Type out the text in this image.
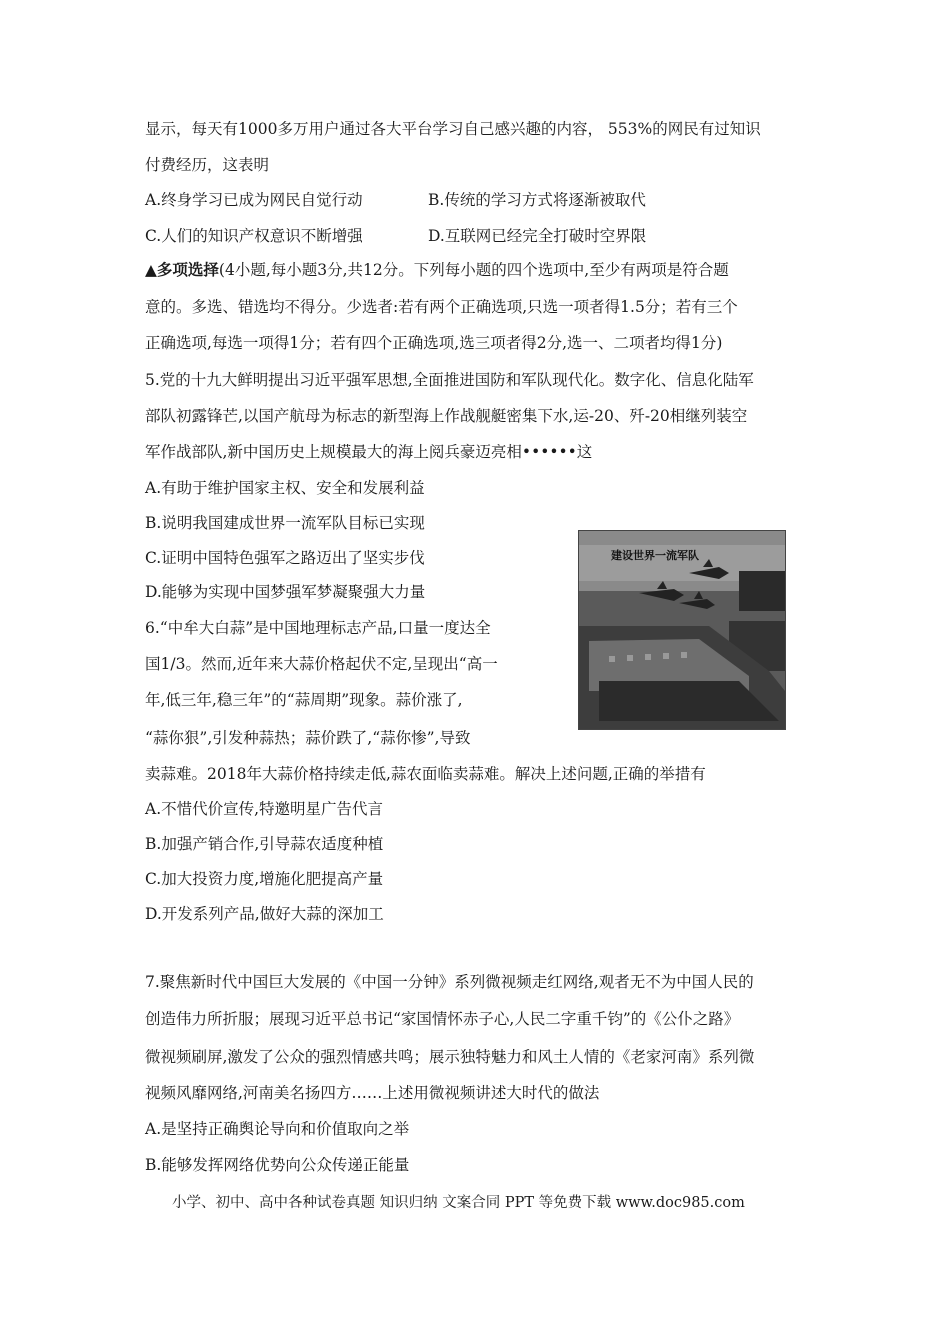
显示，每天有1000多万用户通过各大平台学习自己感兴趣的内容， 553%的网民有过知识
付费经历，这表明
A.终身学习已成为网民自觉行动	B.传统的学习方式将逐渐被取代
C.人们的知识产权意识不断增强	D.互联网已经完全打破时空界限
▲多项选择(4小题,每小题3分,共12分。下列每小题的四个选项中,至少有两项是符合题
意的。多选、错选均不得分。少选者:若有两个正确选项,只选一项者得1.5分；若有三个
正确选项,每选一项得1分；若有四个正确选项,选三项者得2分,选一、二项者均得1分)
5.党的十九大鲜明提出习近平强军思想,全面推进国防和军队现代化。数字化、信息化陆军
部队初露锋芒,以国产航母为标志的新型海上作战舰艇密集下水,运-20、歼-20相继列装空
军作战部队,新中国历史上规模最大的海上阅兵豪迈亮相••••••这
A.有助于维护国家主权、安全和发展利益
B.说明我国建成世界一流军队目标已实现
C.证明中国特色强军之路迈出了坚实步伐
D.能够为实现中国梦强军梦凝聚强大力量
建设世界一流军队
6.“中牟大白蒜”是中国地理标志产品,口量一度达全
国1/3。然而,近年来大蒜价格起伏不定,呈现出“高一
年,低三年,稳三年”的“蒜周期”现象。蒜价涨了,
“蒜你狠”,引发种蒜热；蒜价跌了,“蒜你惨”,导致
卖蒜难。2018年大蒜价格持续走低,蒜农面临卖蒜难。解决上述问题,正确的举措有
A.不惜代价宣传,特邀明星广告代言
B.加强产销合作,引导蒜农适度种植
C.加大投资力度,增施化肥提高产量
D.开发系列产品,做好大蒜的深加工
7.聚焦新时代中国巨大发展的《中国一分钟》系列微视频走红网络,观者无不为中国人民的
创造伟力所折服；展现习近平总书记“家国情怀赤子心,人民二字重千钧”的《公仆之路》
微视频刷屏,激发了公众的强烈情感共鸣；展示独特魅力和风土人情的《老家河南》系列微
视频风靡网络,河南美名扬四方……上述用微视频讲述大时代的做法
A.是坚持正确舆论导向和价值取向之举
B.能够发挥网络优势向公众传递正能量
小学、初中、高中各种试卷真题 知识归纳 文案合同 PPT 等免费下载 www.doc985.com
